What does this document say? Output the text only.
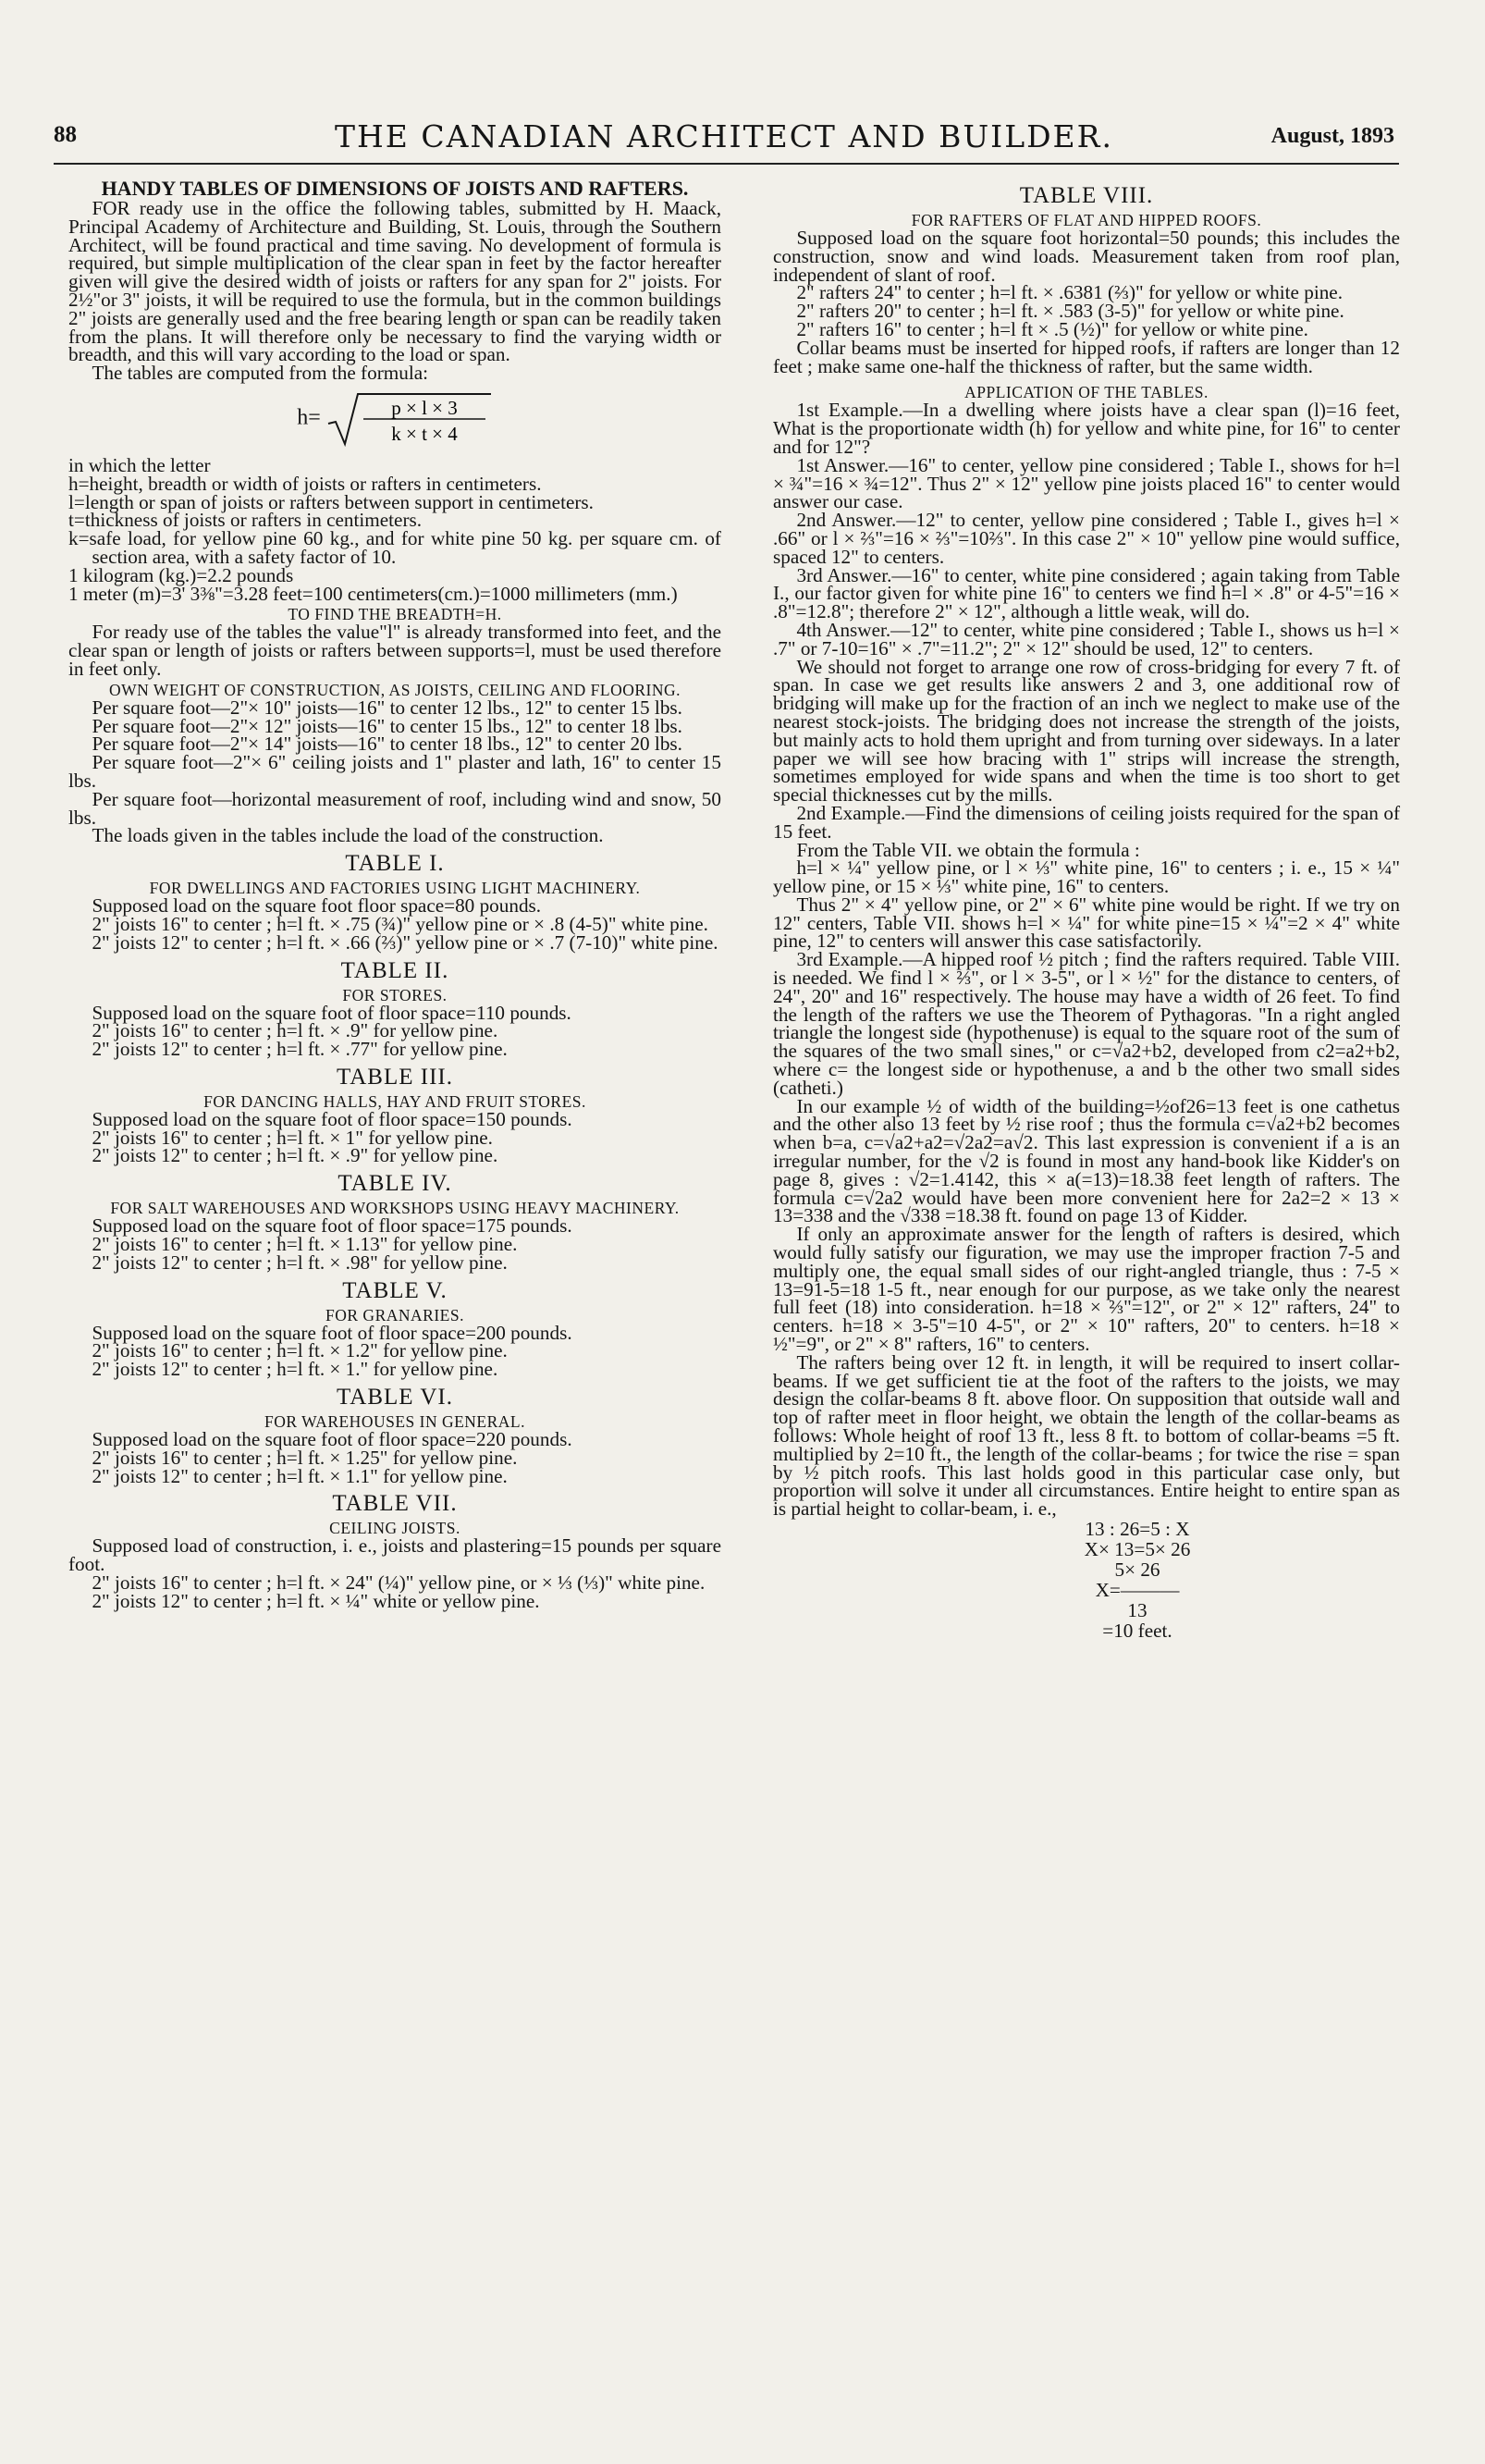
88	THE CANADIAN ARCHITECT AND BUILDER.	August, 1893

HANDY TABLES OF DIMENSIONS OF JOISTS AND RAFTERS.

FOR ready use in the office the following tables, submitted by H. Maack, Principal Academy of Architecture and Building, St. Louis, through the Southern Architect, will be found practical and time saving. No development of formula is required, but simple multiplication of the clear span in feet by the factor hereafter given will give the desired width of joists or rafters for any span for 2" joists. For 2½"or 3" joists, it will be required to use the formula, but in the common buildings 2" joists are generally used and the free bearing length or span can be readily taken from the plans. It will therefore only be necessary to find the varying width or breadth, and this will vary according to the load or span.

The tables are computed from the formula:

h=	p × l × 3
k × t × 4

in which the letter

h=height, breadth or width of joists or rafters in centimeters.

l=length or span of joists or rafters between support in centimeters.

t=thickness of joists or rafters in centimeters.

k=safe load, for yellow pine 60 kg., and for white pine 50 kg. per square cm. of section area, with a safety factor of 10.

1 kilogram (kg.)=2.2 pounds

1 meter (m)=3' 3⅜"=3.28 feet=100 centimeters(cm.)=1000 millimeters (mm.)

TO FIND THE BREADTH=H.

For ready use of the tables the value"l" is already transformed into feet, and the clear span or length of joists or rafters between supports=l, must be used therefore in feet only.

OWN WEIGHT OF CONSTRUCTION, AS JOISTS, CEILING AND FLOORING.

Per square foot—2"× 10" joists—16" to center 12 lbs., 12" to center 15 lbs.

Per square foot—2"× 12" joists—16" to center 15 lbs., 12" to center 18 lbs.

Per square foot—2"× 14" joists—16" to center 18 lbs., 12" to center 20 lbs.

Per square foot—2"× 6" ceiling joists and 1" plaster and lath, 16" to center 15 lbs.

Per square foot—horizontal measurement of roof, including wind and snow, 50 lbs.

The loads given in the tables include the load of the construction.

TABLE I.

FOR DWELLINGS AND FACTORIES USING LIGHT MACHINERY.

Supposed load on the square foot floor space=80 pounds.

2" joists 16" to center ; h=l ft. × .75 (¾)" yellow pine or × .8 (4-5)" white pine.

2" joists 12" to center ; h=l ft. × .66 (⅔)" yellow pine or × .7 (7-10)" white pine.

TABLE II.

FOR STORES.

Supposed load on the square foot of floor space=110 pounds.

2" joists 16" to center ; h=l ft. × .9" for yellow pine.

2" joists 12" to center ; h=l ft. × .77" for yellow pine.

TABLE III.

FOR DANCING HALLS, HAY AND FRUIT STORES.

Supposed load on the square foot of floor space=150 pounds.

2" joists 16" to center ; h=l ft. × 1" for yellow pine.

2" joists 12" to center ; h=l ft. × .9" for yellow pine.

TABLE IV.

FOR SALT WAREHOUSES AND WORKSHOPS USING HEAVY MACHINERY.

Supposed load on the square foot of floor space=175 pounds.

2" joists 16" to center ; h=l ft. × 1.13" for yellow pine.

2" joists 12" to center ; h=l ft. × .98" for yellow pine.

TABLE V.

FOR GRANARIES.

Supposed load on the square foot of floor space=200 pounds.

2" joists 16" to center ; h=l ft. × 1.2" for yellow pine.

2" joists 12" to center ; h=l ft. × 1." for yellow pine.

TABLE VI.

FOR WAREHOUSES IN GENERAL.

Supposed load on the square foot of floor space=220 pounds.

2" joists 16" to center ; h=l ft. × 1.25" for yellow pine.

2" joists 12" to center ; h=l ft. × 1.1" for yellow pine.

TABLE VII.

CEILING JOISTS.

Supposed load of construction, i. e., joists and plastering=15 pounds per square foot.

2" joists 16" to center ; h=l ft. × 24" (¼)" yellow pine, or × ⅓ (⅓)" white pine.

2" joists 12" to center ; h=l ft. × ¼" white or yellow pine.

TABLE VIII.

FOR RAFTERS OF FLAT AND HIPPED ROOFS.

Supposed load on the square foot horizontal=50 pounds; this includes the construction, snow and wind loads. Measurement taken from roof plan, independent of slant of roof.

2" rafters 24" to center ; h=l ft. × .6381 (⅔)" for yellow or white pine.

2" rafters 20" to center ; h=l ft. × .583 (3-5)" for yellow or white pine.

2" rafters 16" to center ; h=l ft × .5 (½)" for yellow or white pine.

Collar beams must be inserted for hipped roofs, if rafters are longer than 12 feet ; make same one-half the thickness of rafter, but the same width.

APPLICATION OF THE TABLES.

1st Example.—In a dwelling where joists have a clear span (l)=16 feet, What is the proportionate width (h) for yellow and white pine, for 16" to center and for 12"?

1st Answer.—16" to center, yellow pine considered ; Table I., shows for h=l × ¾"=16 × ¾=12". Thus 2" × 12" yellow pine joists placed 16" to center would answer our case.

2nd Answer.—12" to center, yellow pine considered ; Table I., gives h=l × .66" or l × ⅔"=16 × ⅔"=10⅔". In this case 2" × 10" yellow pine would suffice, spaced 12" to centers.

3rd Answer.—16" to center, white pine considered ; again taking from Table I., our factor given for white pine 16" to centers we find h=l × .8" or 4-5"=16 × .8"=12.8"; therefore 2" × 12", although a little weak, will do.

4th Answer.—12" to center, white pine considered ; Table I., shows us h=l × .7" or 7-10=16" × .7"=11.2"; 2" × 12" should be used, 12" to centers.

We should not forget to arrange one row of cross-bridging for every 7 ft. of span. In case we get results like answers 2 and 3, one additional row of bridging will make up for the fraction of an inch we neglect to make use of the nearest stock-joists. The bridging does not increase the strength of the joists, but mainly acts to hold them upright and from turning over sideways. In a later paper we will see how bracing with 1" strips will increase the strength, sometimes employed for wide spans and when the time is too short to get special thicknesses cut by the mills.

2nd Example.—Find the dimensions of ceiling joists required for the span of 15 feet.

From the Table VII. we obtain the formula :

h=l × ¼" yellow pine, or l × ⅓" white pine, 16" to centers ; i. e., 15 × ¼" yellow pine, or 15 × ⅓" white pine, 16" to centers.

Thus 2" × 4" yellow pine, or 2" × 6" white pine would be right. If we try on 12" centers, Table VII. shows h=l × ¼" for white pine=15 × ¼"=2 × 4" white pine, 12" to centers will answer this case satisfactorily.

3rd Example.—A hipped roof ½ pitch ; find the rafters required. Table VIII. is needed. We find l × ⅔", or l × 3-5", or l × ½" for the distance to centers, of 24", 20" and 16" respectively. The house may have a width of 26 feet. To find the length of the rafters we use the Theorem of Pythagoras. "In a right angled triangle the longest side (hypothenuse) is equal to the square root of the sum of the squares of the two small sines," or c=√a2+b2, developed from c2=a2+b2, where c= the longest side or hypothenuse, a and b the other two small sides (catheti.)

In our example ½ of width of the building=½of26=13 feet is one cathetus and the other also 13 feet by ½ rise roof ; thus the formula c=√a2+b2 becomes when b=a, c=√a2+a2=√2a2=a√2. This last expression is convenient if a is an irregular number, for the √2 is found in most any hand-book like Kidder's on page 8, gives : √2=1.4142, this × a(=13)=18.38 feet length of rafters. The formula c=√2a2 would have been more convenient here for 2a2=2 × 13 × 13=338 and the √338 =18.38 ft. found on page 13 of Kidder.

If only an approximate answer for the length of rafters is desired, which would fully satisfy our figuration, we may use the improper fraction 7-5 and multiply one, the equal small sides of our right-angled triangle, thus : 7-5 × 13=91-5=18 1-5 ft., near enough for our purpose, as we take only the nearest full feet (18) into consideration. h=18 × ⅔"=12", or 2" × 12" rafters, 24" to centers. h=18 × 3-5"=10 4-5", or 2" × 10" rafters, 20" to centers. h=18 × ½"=9", or 2" × 8" rafters, 16" to centers.

The rafters being over 12 ft. in length, it will be required to insert collar-beams. If we get sufficient tie at the foot of the rafters to the joists, we may design the collar-beams 8 ft. above floor. On supposition that outside wall and top of rafter meet in floor height, we obtain the length of the collar-beams as follows: Whole height of roof 13 ft., less 8 ft. to bottom of collar-beams =5 ft. multiplied by 2=10 ft., the length of the collar-beams ; for twice the rise = span by ½ pitch roofs. This last holds good in this particular case only, but proportion will solve it under all circumstances. Entire height to entire span as is partial height to collar-beam, i. e.,

13 : 26=5 : X

X× 13=5× 26

5× 26

X=———

13

=10 feet.
